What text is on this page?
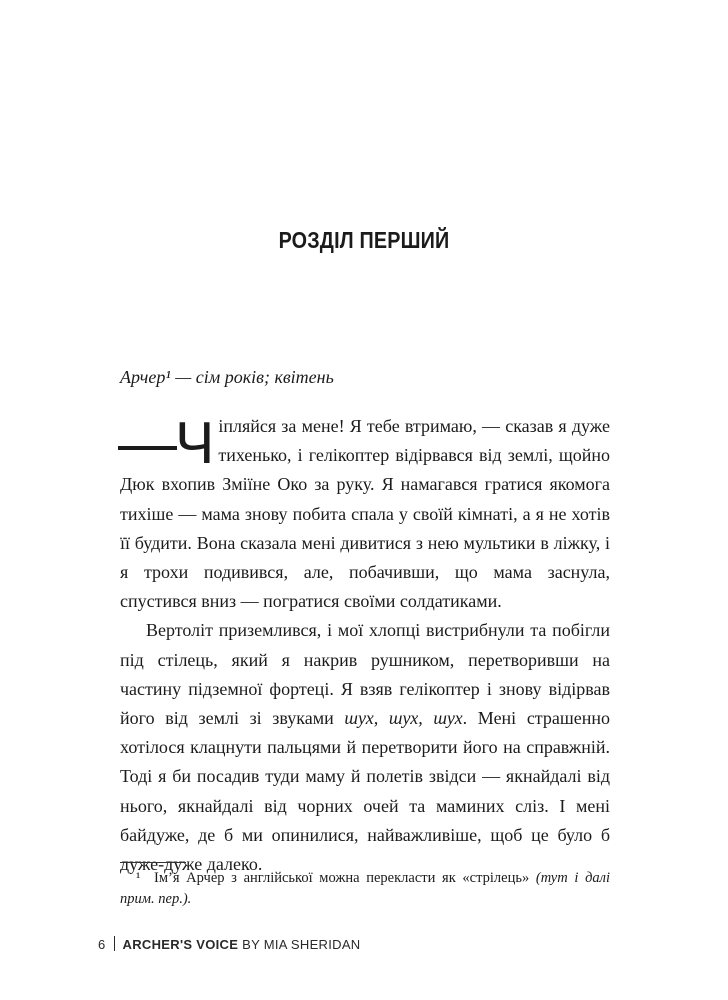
РОЗДІЛ ПЕРШИЙ
Арчер¹ — сім років; квітень

—Ч іпляйся за мене! Я тебе втримаю, — сказав я дуже тихенько, і гелікоптер відірвався від землі, щойно Дюк вхопив Зміїне Око за руку. Я намагався гратися якомога тихіше — мама знову побита спала у своїй кімнаті, а я не хотів її будити. Вона сказала мені дивитися з нею мультики в ліжку, і я трохи подивився, але, побачивши, що мама заснула, спустився вниз — погратися своїми солдатиками.

Вертоліт приземлився, і мої хлопці вистрибнули та побігли під стілець, який я накрив рушником, перетворивши на частину підземної фортеці. Я взяв гелікоптер і знову відірвав його від землі зі звуками шух, шух, шух. Мені страшенно хотілося клацнути пальцями й перетворити його на справжній. Тоді я би посадив туди маму й полетів звідси — якнайдалі від нього, якнайдалі від чорних очей та маминих сліз. І мені байдуже, де б ми опинилися, найважливіше, щоб це було б дуже-дуже далеко.

¹ Ім’я Арчер з англійської можна перекласти як «стрілець» (тут і далі прим. пер.).
6 ARCHER'S VOICE BY MIA SHERIDAN
